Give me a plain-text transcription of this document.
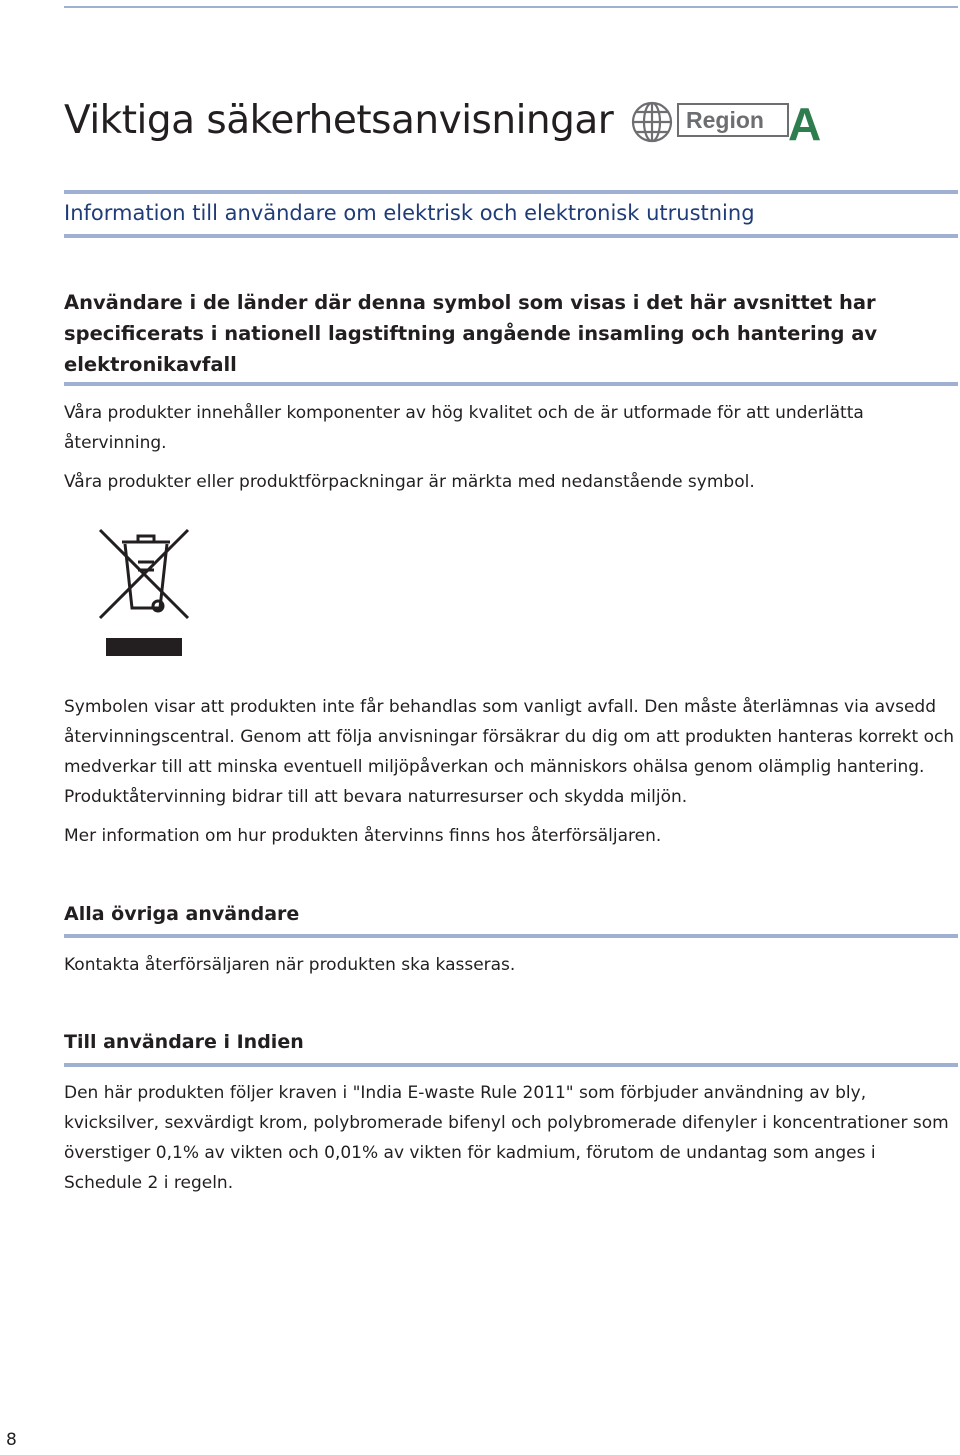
Viktiga säkerhetsanvisningar	Region A
Information till användare om elektrisk och elektronisk utrustning
Användare i de länder där denna symbol som visas i det här avsnittet har specificerats i nationell lagstiftning angående insamling och hantering av elektronikavfall
Våra produkter innehåller komponenter av hög kvalitet och de är utformade för att underlätta återvinning.
Våra produkter eller produktförpackningar är märkta med nedanstående symbol.
Symbolen visar att produkten inte får behandlas som vanligt avfall. Den måste återlämnas via avsedd återvinningscentral. Genom att följa anvisningar försäkrar du dig om att produkten hanteras korrekt och medverkar till att minska eventuell miljöpåverkan och människors ohälsa genom olämplig hantering. Produktåtervinning bidrar till att bevara naturresurser och skydda miljön.
Mer information om hur produkten återvinns finns hos återförsäljaren.
Alla övriga användare
Kontakta återförsäljaren när produkten ska kasseras.
Till användare i Indien
Den här produkten följer kraven i "India E-waste Rule 2011" som förbjuder användning av bly, kvicksilver, sexvärdigt krom, polybromerade bifenyl och polybromerade difenyler i koncentrationer som överstiger 0,1% av vikten och 0,01% av vikten för kadmium, förutom de undantag som anges i Schedule 2 i regeln.
8
